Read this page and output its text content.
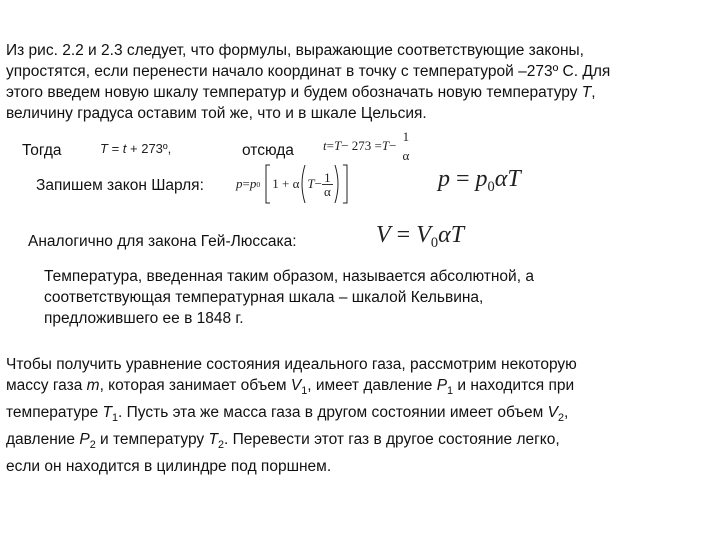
Из рис. 2.2 и 2.3 следует, что формулы, выражающие соответствующие законы,
упростятся, если перенести начало координат в точку с температурой –273º С. Для
этого введем новую шкалу температур и будем обозначать новую температуру T,
величину градуса оставим той же, что и в шкале Цельсия.
Тогда	T = t + 273º,	отсюда t = T − 273 = T −
1
α
Запишем закон Шарля: p = p 0 1 + α $T - \frac{1}{\alpha}$	$p = p_0\alpha T$
Аналогично для закона Гей-Люссака:	$V = V_0\alpha T$
Температура, введенная таким образом, называется абсолютной, а
соответствующая температурная шкала – шкалой Кельвина,
предложившего ее в 1848 г.
Чтобы получить уравнение состояния идеального газа, рассмотрим некоторую
массу газа m, которая занимает объем $V_1$, имеет давление $P_1$ и находится при
температуре $T_1$. Пусть эта же масса газа в другом состоянии имеет объем $V_2$,
давление $P_2$ и температуру $T_2$. Перевести этот газ в другое состояние легко,
если он находится в цилиндре под поршнем.
